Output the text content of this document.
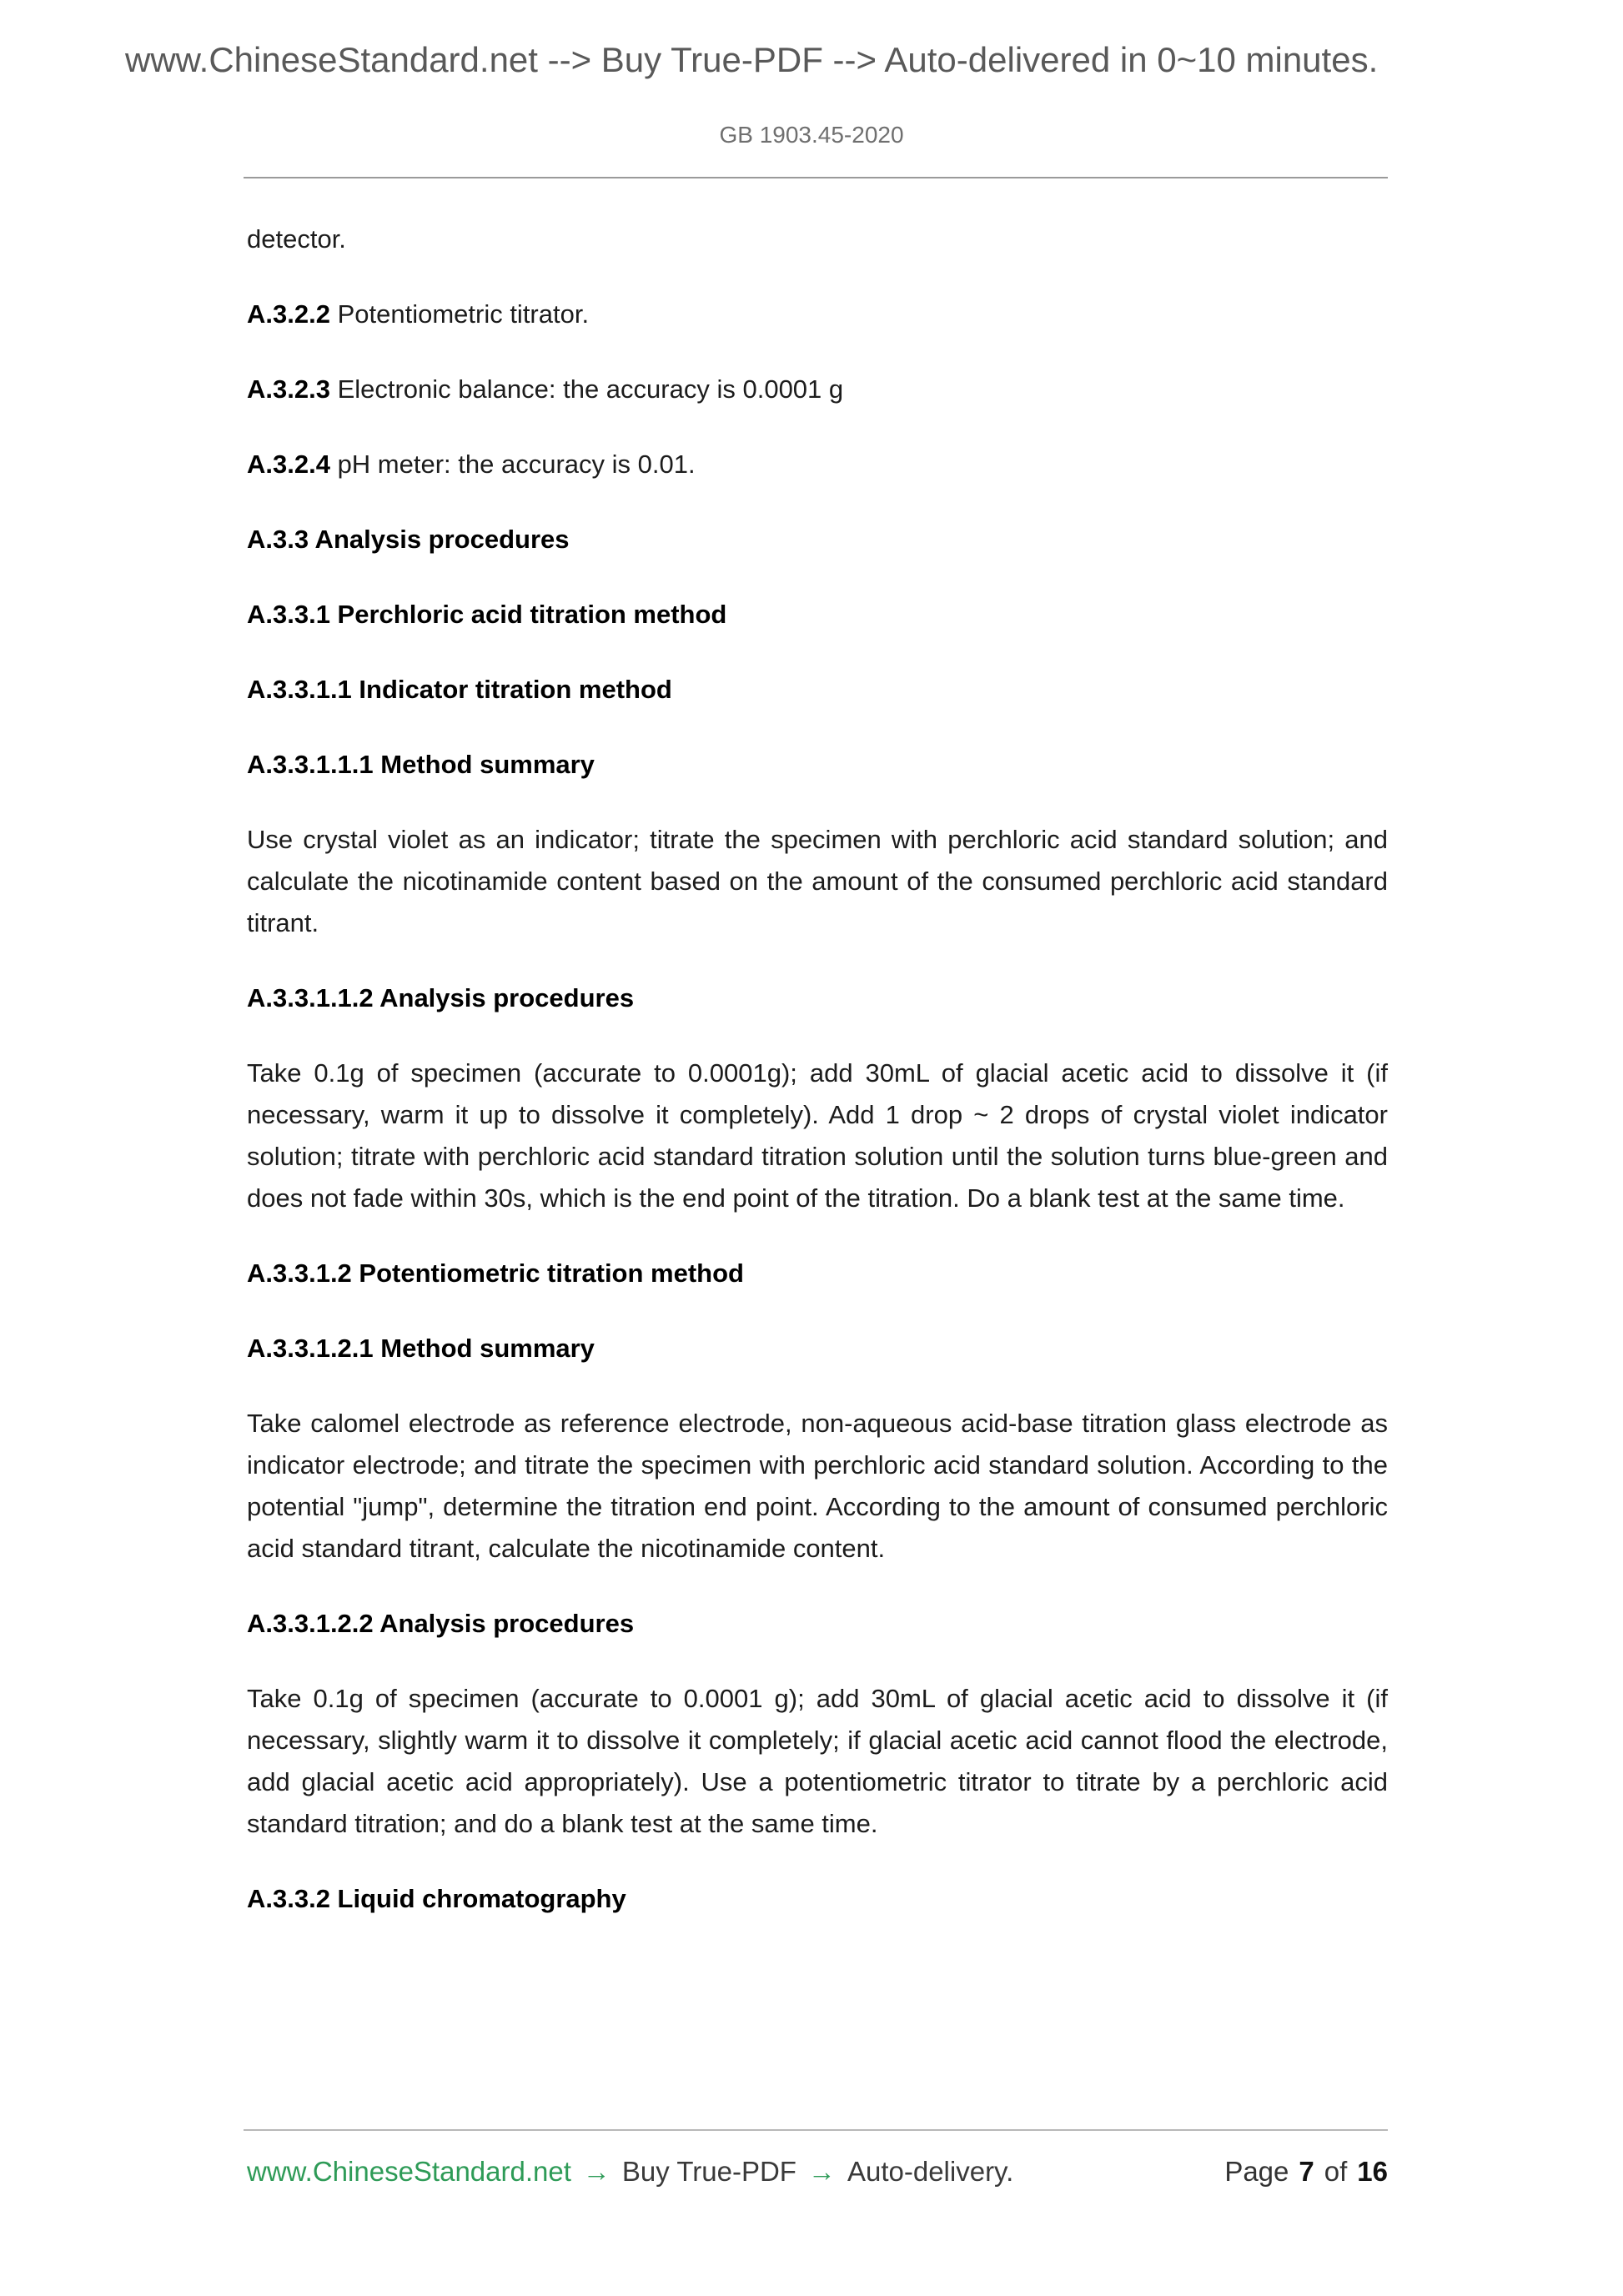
www.ChineseStandard.net --> Buy True-PDF --> Auto-delivered in 0~10 minutes.
GB 1903.45-2020

detector.

A.3.2.2 Potentiometric titrator.

A.3.2.3 Electronic balance: the accuracy is 0.0001 g

A.3.2.4 pH meter: the accuracy is 0.01.

A.3.3 Analysis procedures
A.3.3.1 Perchloric acid titration method
A.3.3.1.1 Indicator titration method
A.3.3.1.1.1 Method summary

Use crystal violet as an indicator; titrate the specimen with perchloric acid standard solution; and calculate the nicotinamide content based on the amount of the consumed perchloric acid standard titrant.

A.3.3.1.1.2 Analysis procedures

Take 0.1g of specimen (accurate to 0.0001g); add 30mL of glacial acetic acid to dissolve it (if necessary, warm it up to dissolve it completely). Add 1 drop ~ 2 drops of crystal violet indicator solution; titrate with perchloric acid standard titration solution until the solution turns blue-green and does not fade within 30s, which is the end point of the titration. Do a blank test at the same time.

A.3.3.1.2 Potentiometric titration method
A.3.3.1.2.1 Method summary

Take calomel electrode as reference electrode, non-aqueous acid-base titration glass electrode as indicator electrode; and titrate the specimen with perchloric acid standard solution. According to the potential "jump", determine the titration end point. According to the amount of consumed perchloric acid standard titrant, calculate the nicotinamide content.

A.3.3.1.2.2 Analysis procedures

Take 0.1g of specimen (accurate to 0.0001 g); add 30mL of glacial acetic acid to dissolve it (if necessary, slightly warm it to dissolve it completely; if glacial acetic acid cannot flood the electrode, add glacial acetic acid appropriately). Use a potentiometric titrator to titrate by a perchloric acid standard titration; and do a blank test at the same time.

A.3.3.2 Liquid chromatography
www.ChineseStandard.net → Buy True-PDF → Auto-delivery.	Page 7 of 16
